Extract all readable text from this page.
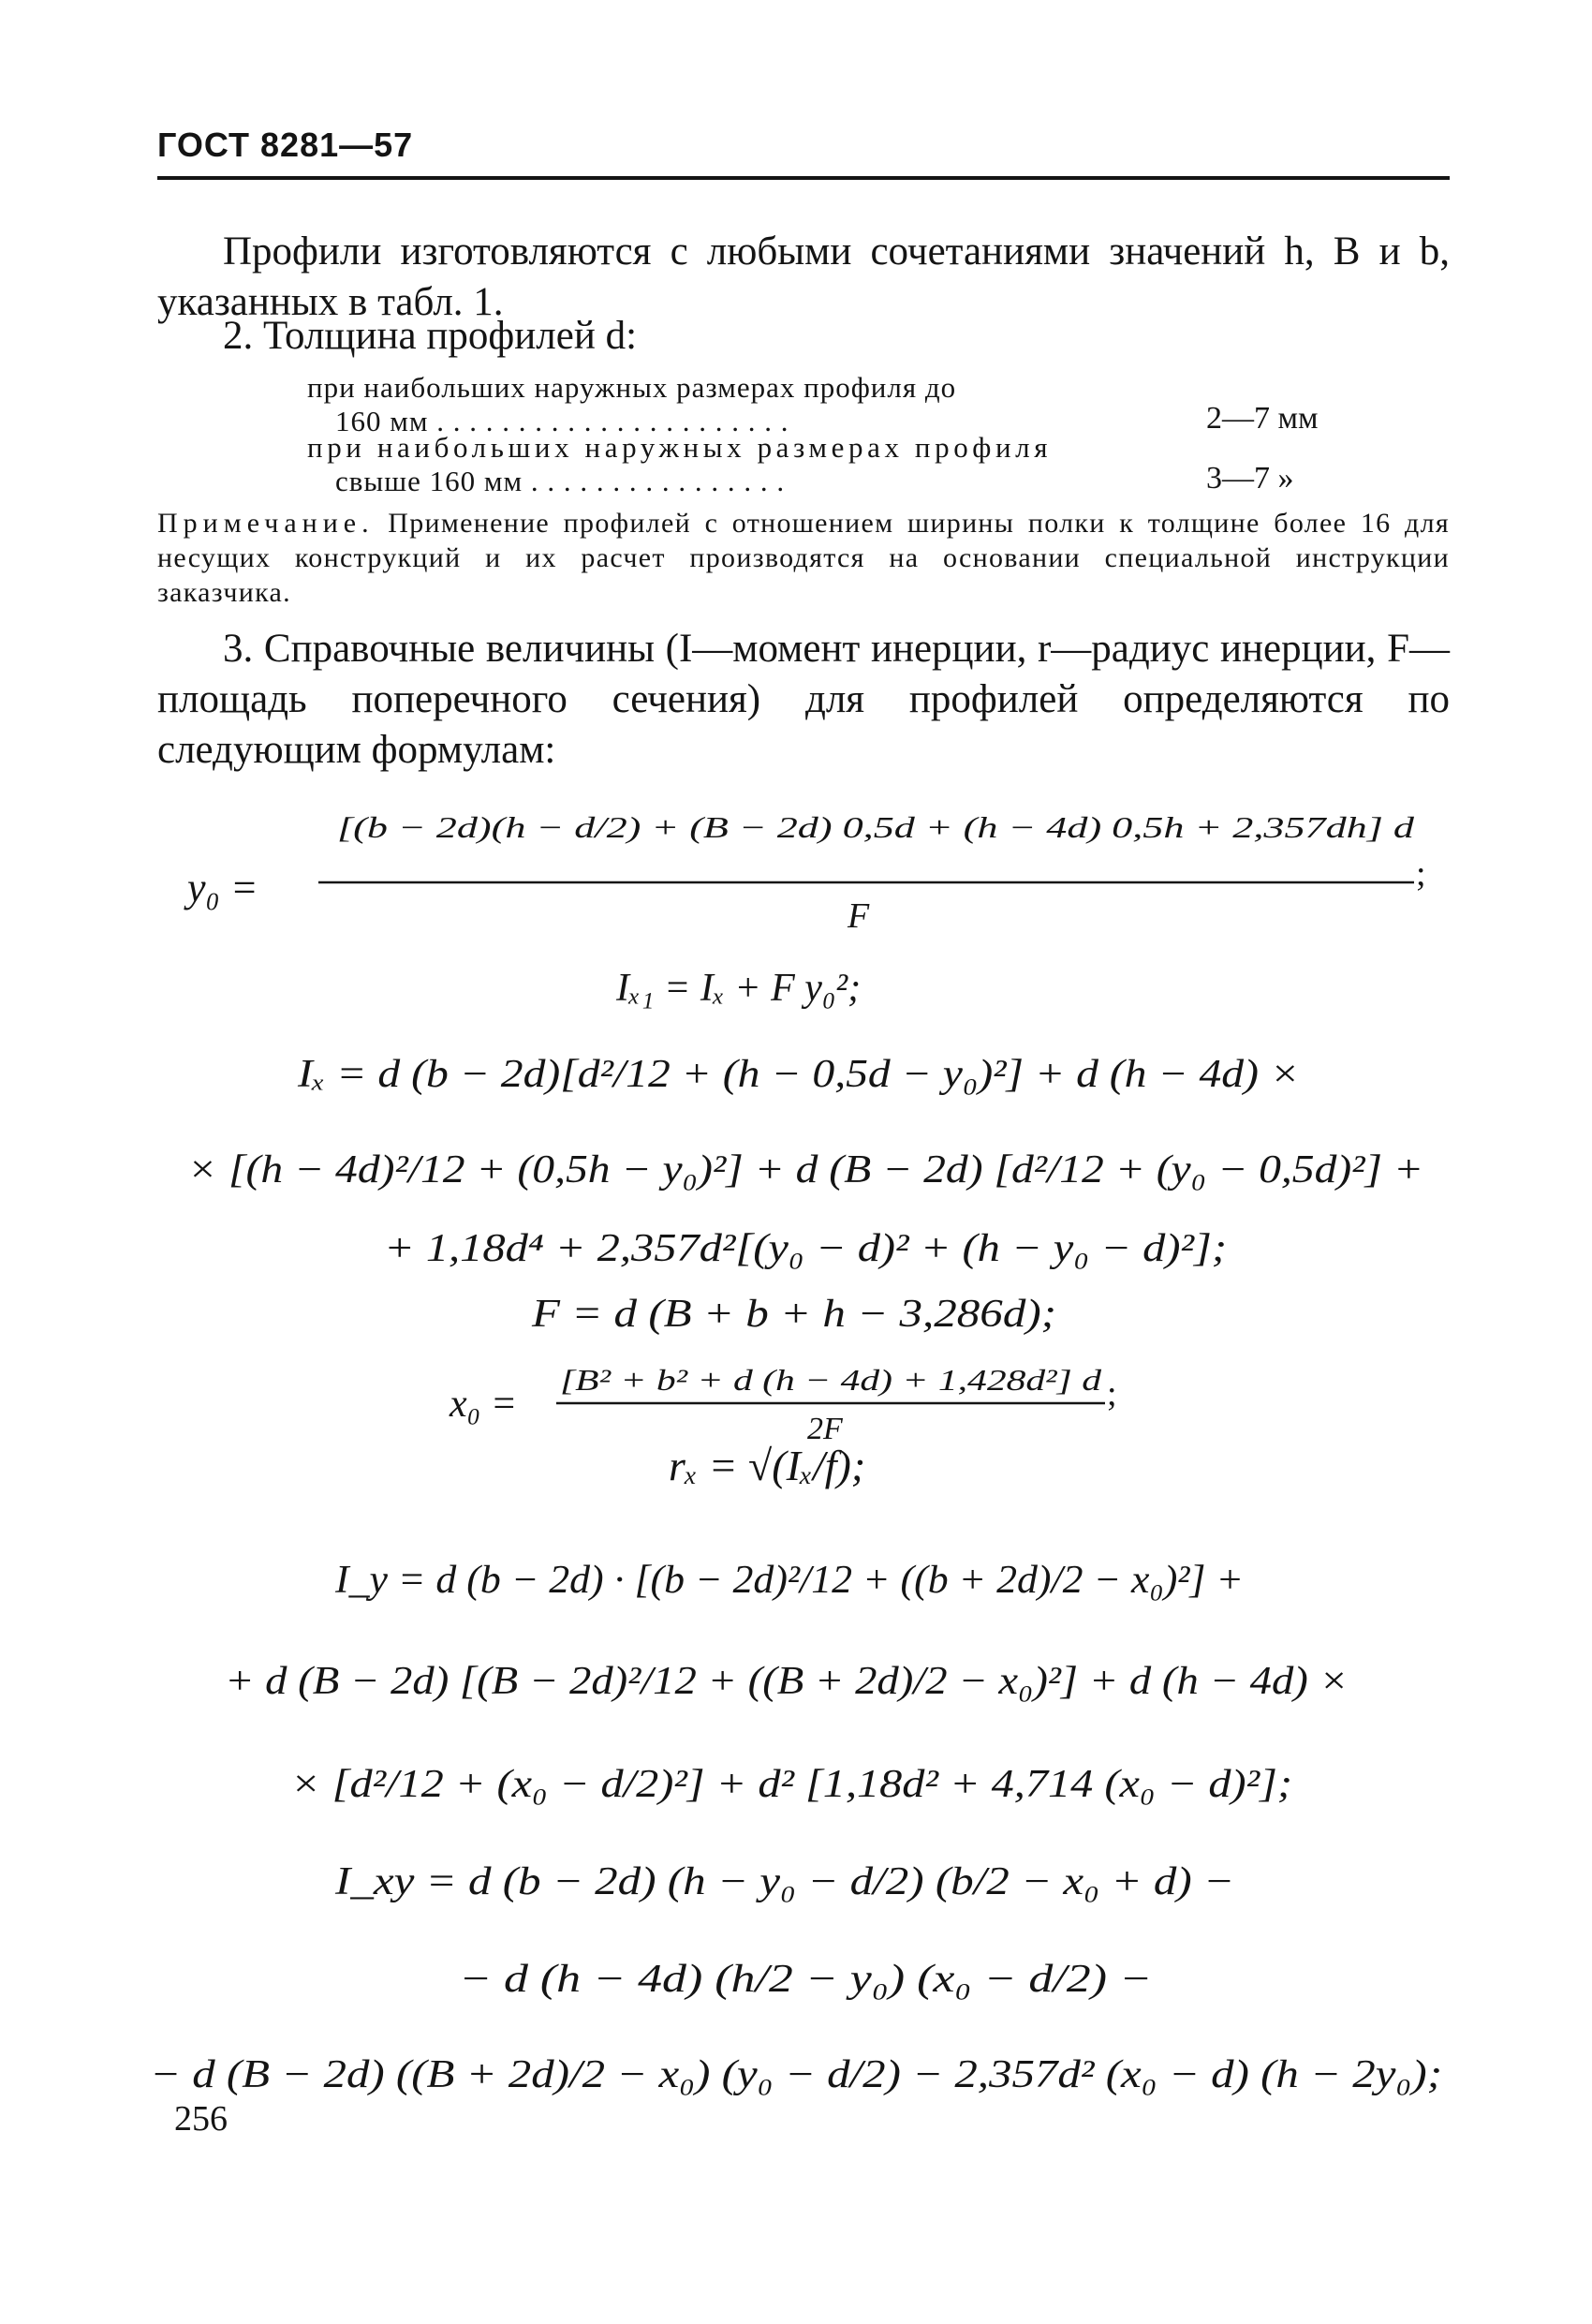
ГОСТ 8281—57
Профили изготовляются с любыми сочетаниями значений h, B и b, указанных в табл. 1.
2. Толщина профилей d:
при наибольших наружных размерах профиля до
160 мм . . . . . . . . . . . . . . . . . . . . . .	2—7 мм
при наибольших наружных размерах профиля
свыше 160 мм . . . . . . . . . . . . . . . .	3—7 »
Примечание. Применение профилей с отношением ширины полки к толщине более 16 для несущих конструкций и их расчет производятся на основании специальной инструкции заказчика.
3. Справочные величины (I—момент инерции, r—радиус инерции, F—площадь поперечного сечения) для профилей определяются по следующим формулам:
y₀ =
[(b − 2d)(h − d/2) + (B − 2d) 0,5d + (h − 4d) 0,5h + 2,357dh] d
;
F
Iₓ₁ = Iₓ + F y₀²;
Iₓ = d (b − 2d)[d²/12 + (h − 0,5d − y₀)²] + d (h − 4d) ×
× [(h − 4d)²/12 + (0,5h − y₀)²] + d (B − 2d) [d²/12 + (y₀ − 0,5d)²] +
+ 1,18d⁴ + 2,357d²[(y₀ − d)² + (h − y₀ − d)²];
F = d (B + b + h − 3,286d);
x₀ =
[B² + b² + d (h − 4d) + 1,428d²] d ;
2F
rₓ = √(Iₓ/f);
I_y = d (b − 2d) · [(b − 2d)²/12 + ((b + 2d)/2 − x₀)²] +
+ d (B − 2d) [(B − 2d)²/12 + ((B + 2d)/2 − x₀)²] + d (h − 4d) ×
× [d²/12 + (x₀ − d/2)²] + d² [1,18d² + 4,714 (x₀ − d)²];
I_xy = d (b − 2d) (h − y₀ − d/2) (b/2 − x₀ + d) −
− d (h − 4d) (h/2 − y₀) (x₀ − d/2) −
− d (B − 2d) ((B + 2d)/2 − x₀) (y₀ − d/2) − 2,357d² (x₀ − d) (h − 2y₀);
256
